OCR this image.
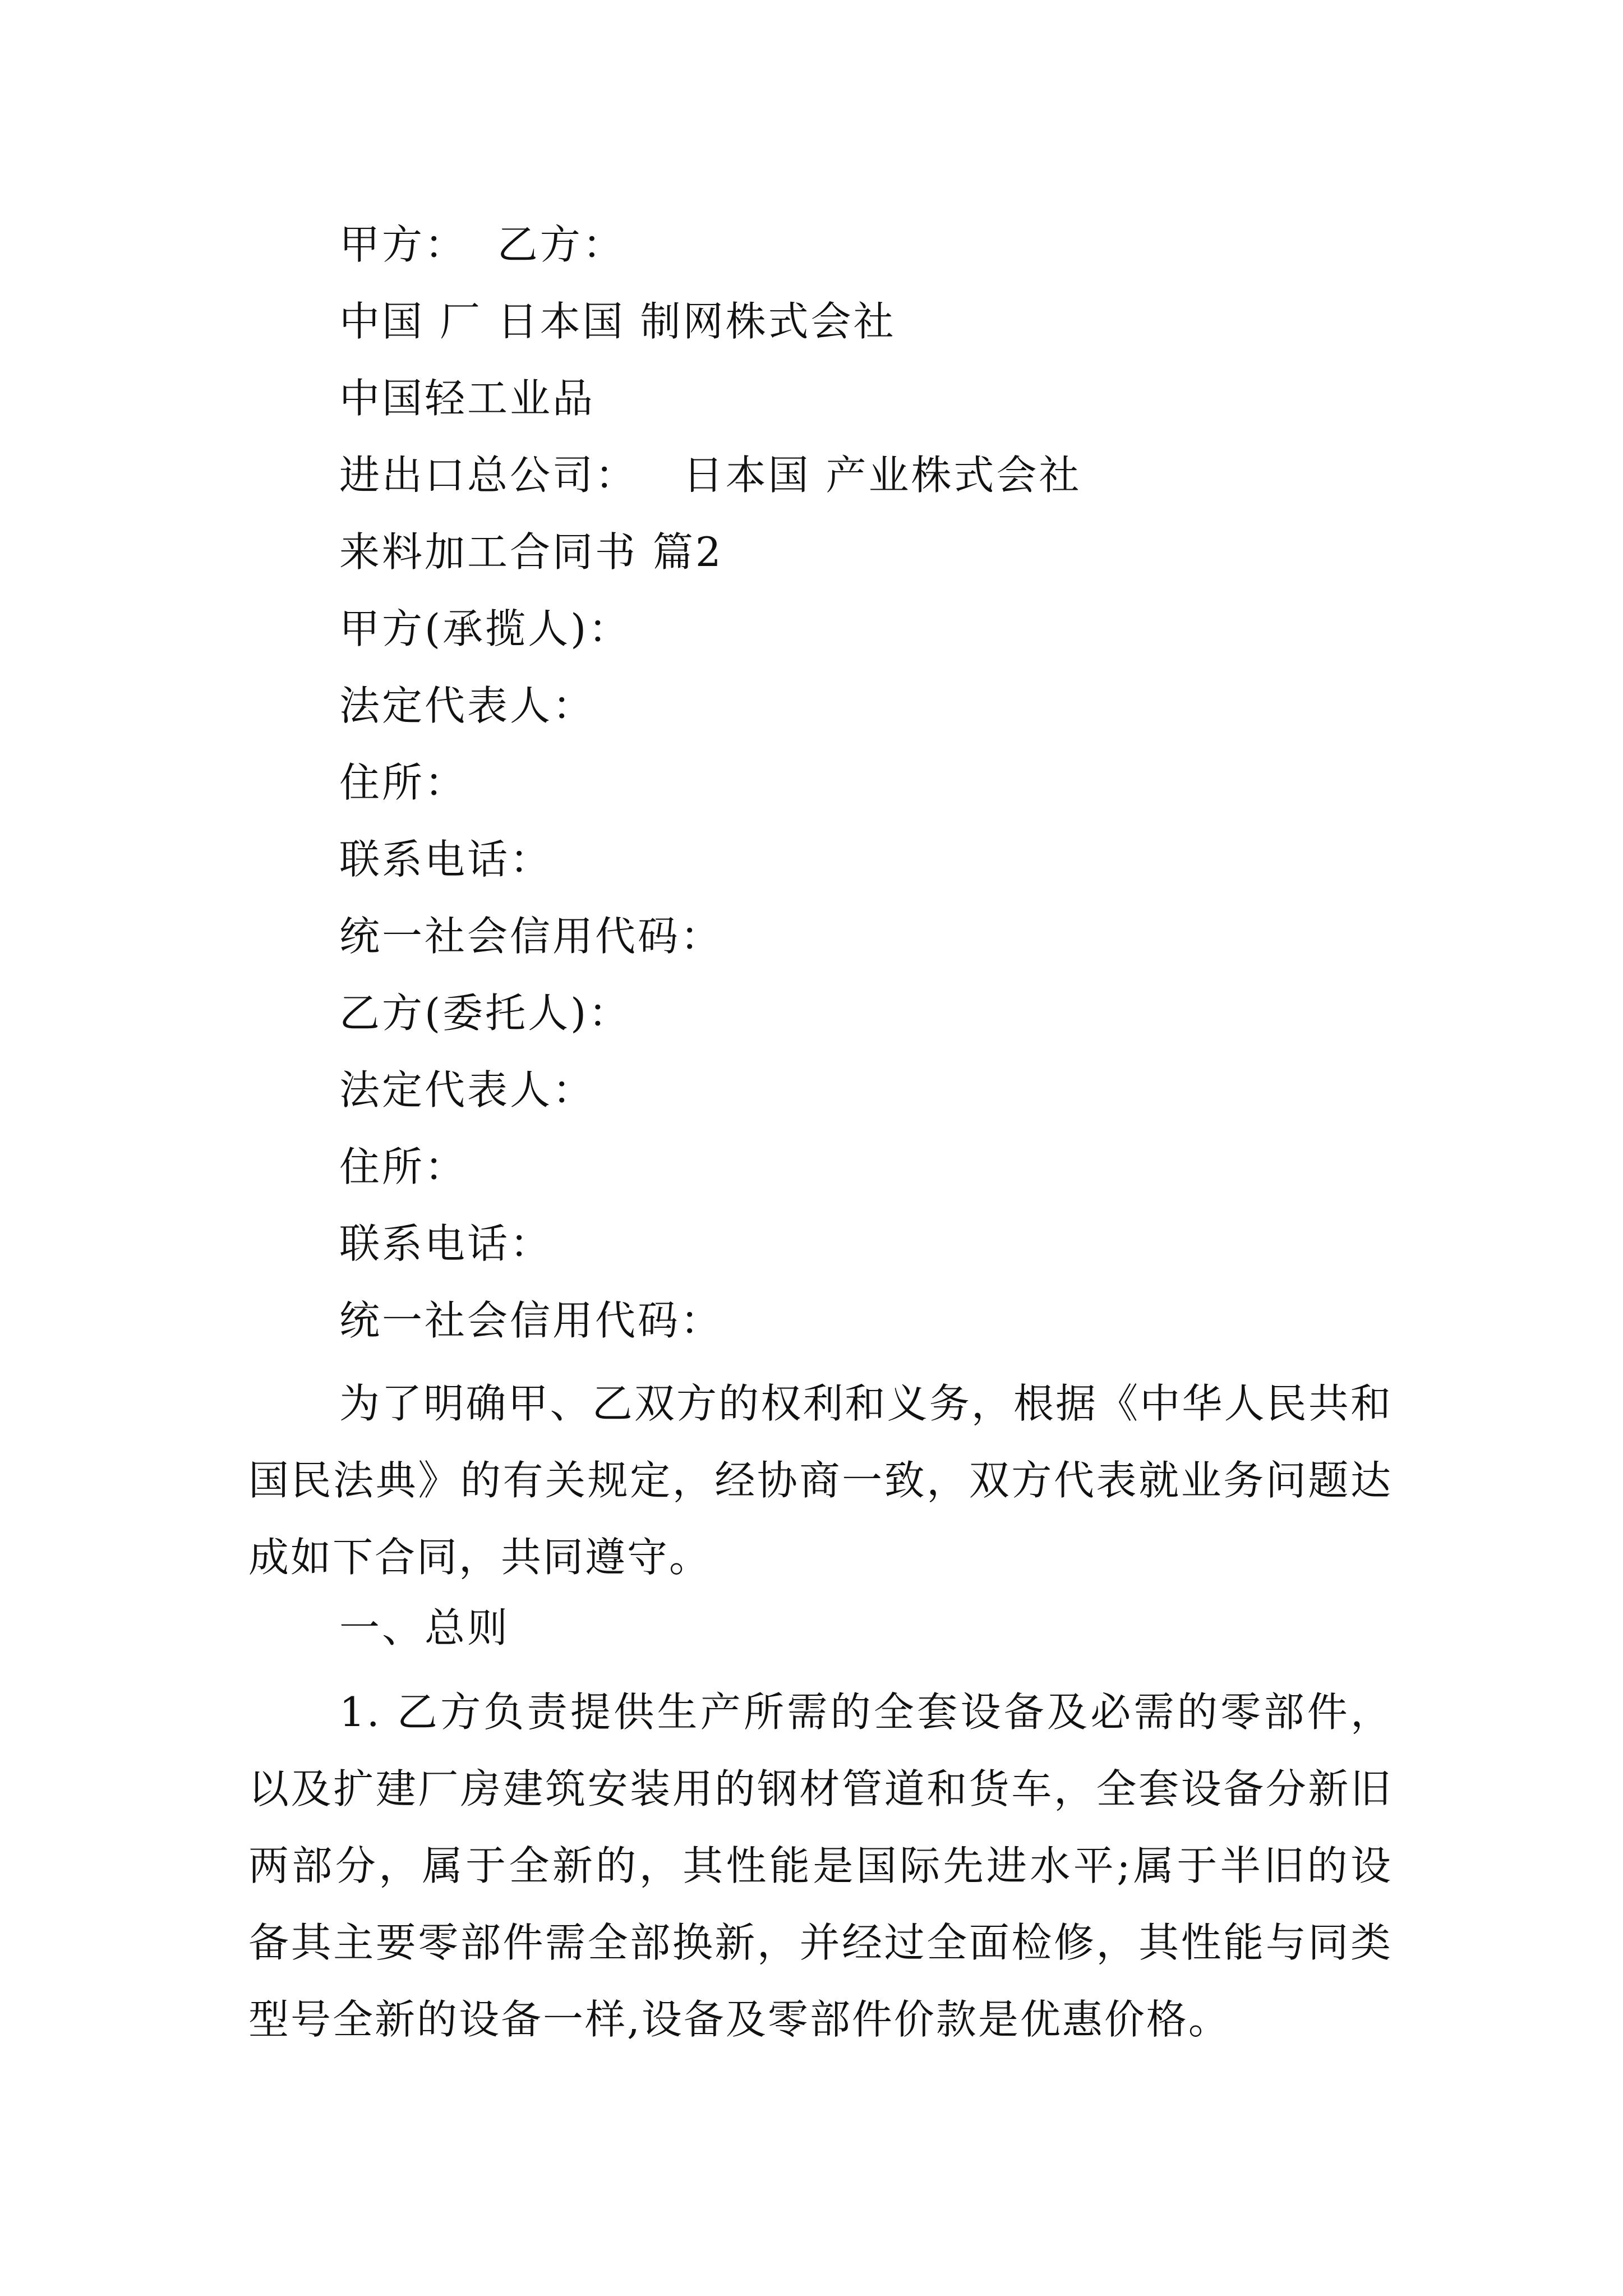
甲方：  乙方：
中国 厂 日本国 制网株式会社
中国轻工业品
进出口总公司：   日本国 产业株式会社
来料加工合同书 篇2
甲方(承揽人)：
法定代表人：
住所：
联系电话：
统一社会信用代码：
乙方(委托人)：
法定代表人：
住所：
联系电话：
统一社会信用代码：
为了明确甲、乙双方的权利和义务，根据《中华人民共和国民法典》的有关规定，经协商一致，双方代表就业务问题达成如下合同，共同遵守。
一、总则
1. 乙方负责提供生产所需的全套设备及必需的零部件，以及扩建厂房建筑安装用的钢材管道和货车，全套设备分新旧两部分，属于全新的，其性能是国际先进水平;属于半旧的设备其主要零部件需全部换新，并经过全面检修，其性能与同类型号全新的设备一样,设备及零部件价款是优惠价格。
